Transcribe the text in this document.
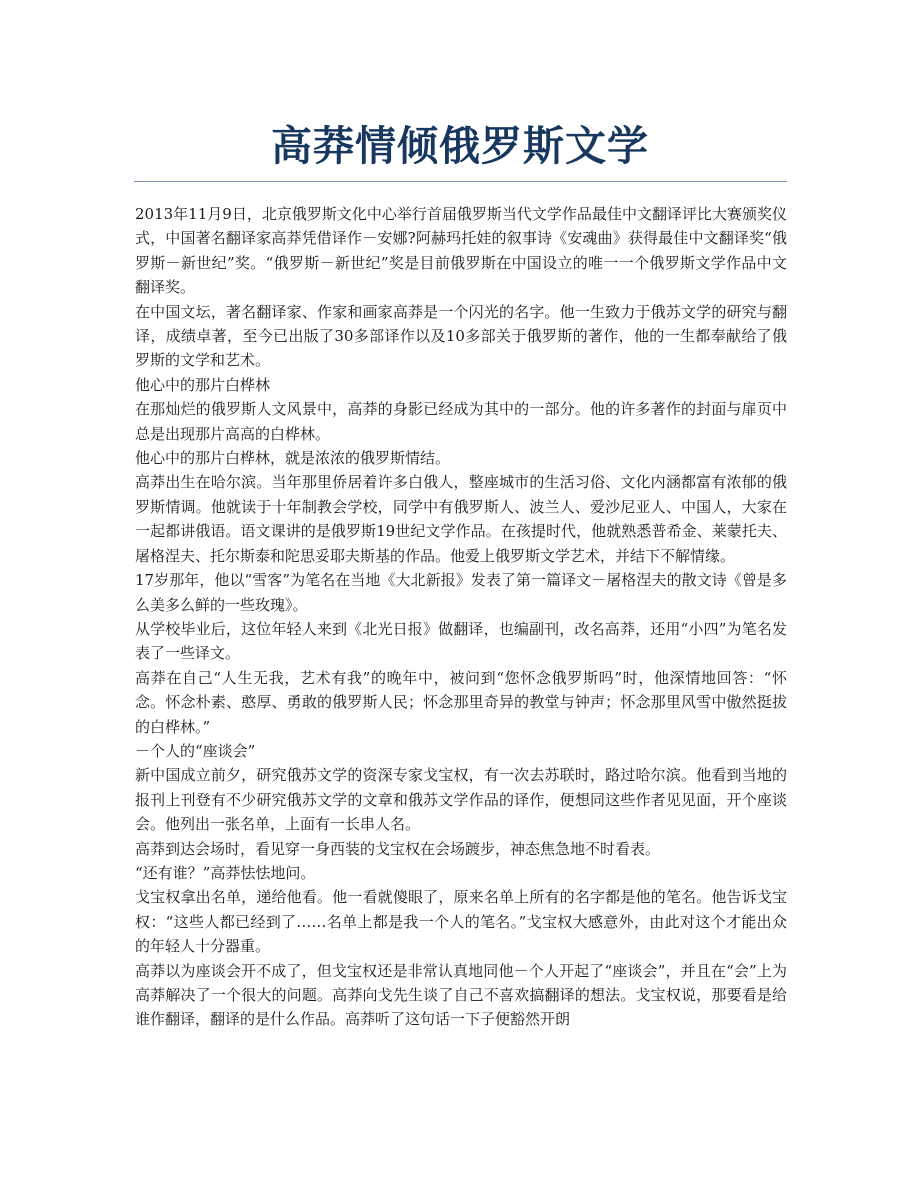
高莽情倾俄罗斯文学

2013年11月9日，北京俄罗斯文化中心举行首届俄罗斯当代文学作品最佳中文翻译评比大赛颁奖仪式，中国著名翻译家高莽凭借译作－安娜?阿赫玛托娃的叙事诗《安魂曲》获得最佳中文翻译奖“俄罗斯－新世纪”奖。“俄罗斯－新世纪”奖是目前俄罗斯在中国设立的唯一一个俄罗斯文学作品中文翻译奖。

在中国文坛，著名翻译家、作家和画家高莽是一个闪光的名字。他一生致力于俄苏文学的研究与翻译，成绩卓著，至今已出版了30多部译作以及10多部关于俄罗斯的著作，他的一生都奉献给了俄罗斯的文学和艺术。

他心中的那片白桦林

在那灿烂的俄罗斯人文风景中，高莽的身影已经成为其中的一部分。他的许多著作的封面与扉页中总是出现那片高高的白桦林。

他心中的那片白桦林，就是浓浓的俄罗斯情结。

高莽出生在哈尔滨。当年那里侨居着许多白俄人，整座城市的生活习俗、文化内涵都富有浓郁的俄罗斯情调。他就读于十年制教会学校，同学中有俄罗斯人、波兰人、爱沙尼亚人、中国人，大家在一起都讲俄语。语文课讲的是俄罗斯19世纪文学作品。在孩提时代，他就熟悉普希金、莱蒙托夫、屠格涅夫、托尔斯泰和陀思妥耶夫斯基的作品。他爱上俄罗斯文学艺术，并结下不解情缘。

17岁那年，他以“雪客”为笔名在当地《大北新报》发表了第一篇译文－屠格涅夫的散文诗《曾是多么美多么鲜的一些玫瑰》。

从学校毕业后，这位年轻人来到《北光日报》做翻译，也编副刊，改名高莽，还用“小四”为笔名发表了一些译文。

高莽在自己“人生无我，艺术有我”的晚年中，被问到“您怀念俄罗斯吗”时，他深情地回答：“怀念。怀念朴素、憨厚、勇敢的俄罗斯人民；怀念那里奇异的教堂与钟声；怀念那里风雪中傲然挺拔的白桦林。”

－个人的“座谈会”

新中国成立前夕，研究俄苏文学的资深专家戈宝权，有一次去苏联时，路过哈尔滨。他看到当地的报刊上刊登有不少研究俄苏文学的文章和俄苏文学作品的译作，便想同这些作者见见面，开个座谈会。他列出一张名单，上面有一长串人名。

高莽到达会场时，看见穿一身西装的戈宝权在会场踱步，神态焦急地不时看表。

“还有谁？”高莽怯怯地问。

戈宝权拿出名单，递给他看。他一看就傻眼了，原来名单上所有的名字都是他的笔名。他告诉戈宝权：“这些人都已经到了……名单上都是我一个人的笔名。”戈宝权大感意外，由此对这个才能出众的年轻人十分器重。

高莽以为座谈会开不成了，但戈宝权还是非常认真地同他－个人开起了“座谈会”，并且在“会”上为高莽解决了一个很大的问题。高莽向戈先生谈了自己不喜欢搞翻译的想法。戈宝权说，那要看是给谁作翻译，翻译的是什么作品。高莽听了这句话一下子便豁然开朗
